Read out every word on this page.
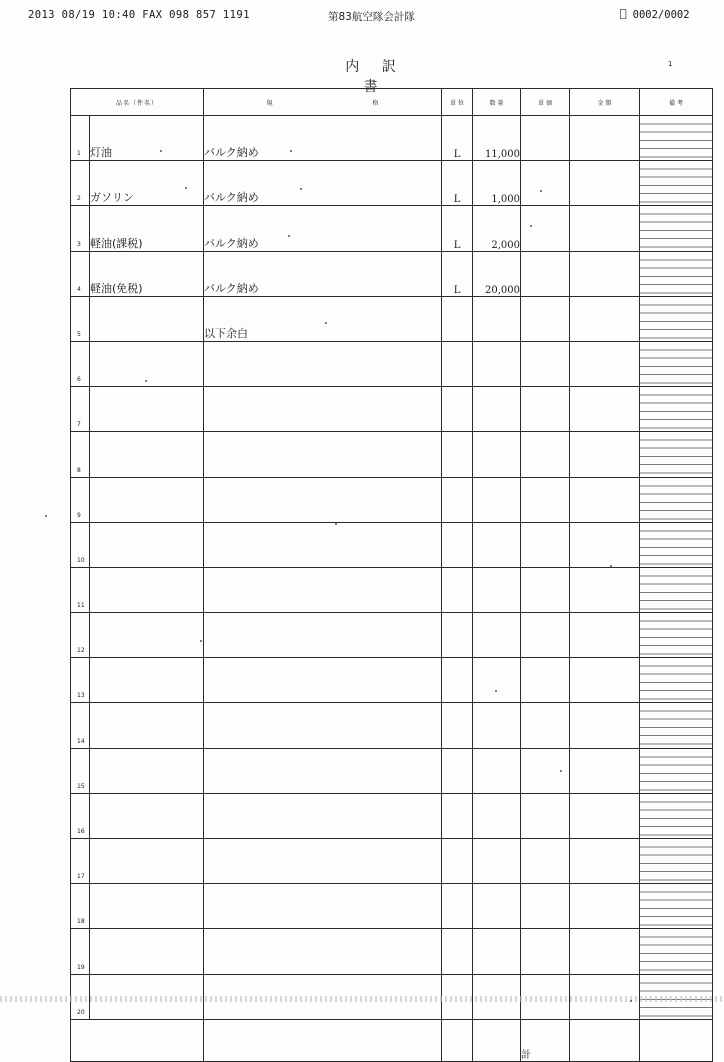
2013 08/19 10:40 FAX 098 857 1191	第83航空隊会計隊	⎕ 0002/0002
1
内 訳 書
品名（件名）		規 格	単 位	数 量	単 価	金 額	備 考
1	灯油	バルク納め	L	11,000			

2	ガソリン	バルク納め	L	1,000			

3	軽油(課税)	バルク納め	L	2,000			

4	軽油(免税)	バルク納め	L	20,000			

5		以下余白					

6							

7							

8							

9							

10							

11							

12							

13							

14							

15							

16							

17							

18							

19							

20							

					計		
